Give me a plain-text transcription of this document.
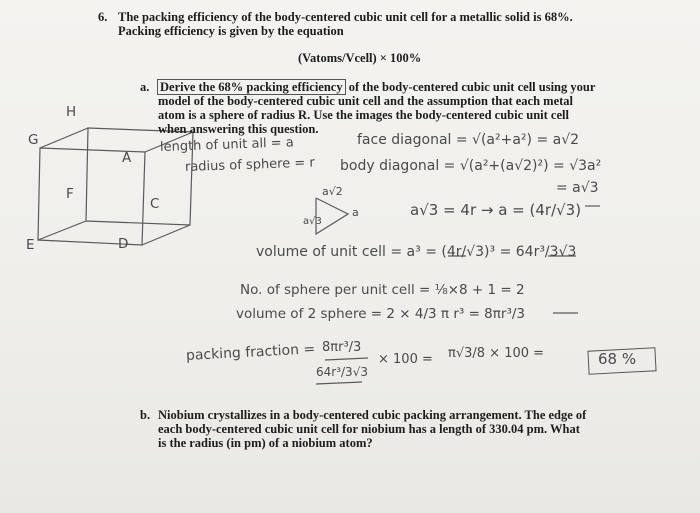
6. The packing efficiency of the body-centered cubic unit cell for a metallic solid is 68%.
Packing efficiency is given by the equation
(Vatoms/Vcell) × 100%
a. Derive the 68% packing efficiency of the body-centered cubic unit cell using your
model of the body-centered cubic unit cell and the assumption that each metal
atom is a sphere of radius R. Use the images the body-centered cubic unit cell
when answering this question.
H
A
G
F
C
E	D
length of unit all = a
radius of sphere = r
face diagonal = √(a²+a²) = a√2
body diagonal = √(a²+(a√2)²) = √3a²
= a√3
a√2
a√3
a	a√3 = 4r → a = (4r/√3)
volume of unit cell = a³ = (4r/√3)³ = 64r³/3√3
No. of sphere per unit cell = ⅛×8 + 1 = 2
volume of 2 sphere = 2 × 4/3 π r³ = 8πr³/3
packing fraction = 8πr³/3
64r³/3√3
× 100 = π√3/8 × 100 =	68 %
b. Niobium crystallizes in a body-centered cubic packing arrangement. The edge of
each body-centered cubic unit cell for niobium has a length of 330.04 pm. What
is the radius (in pm) of a niobium atom?
